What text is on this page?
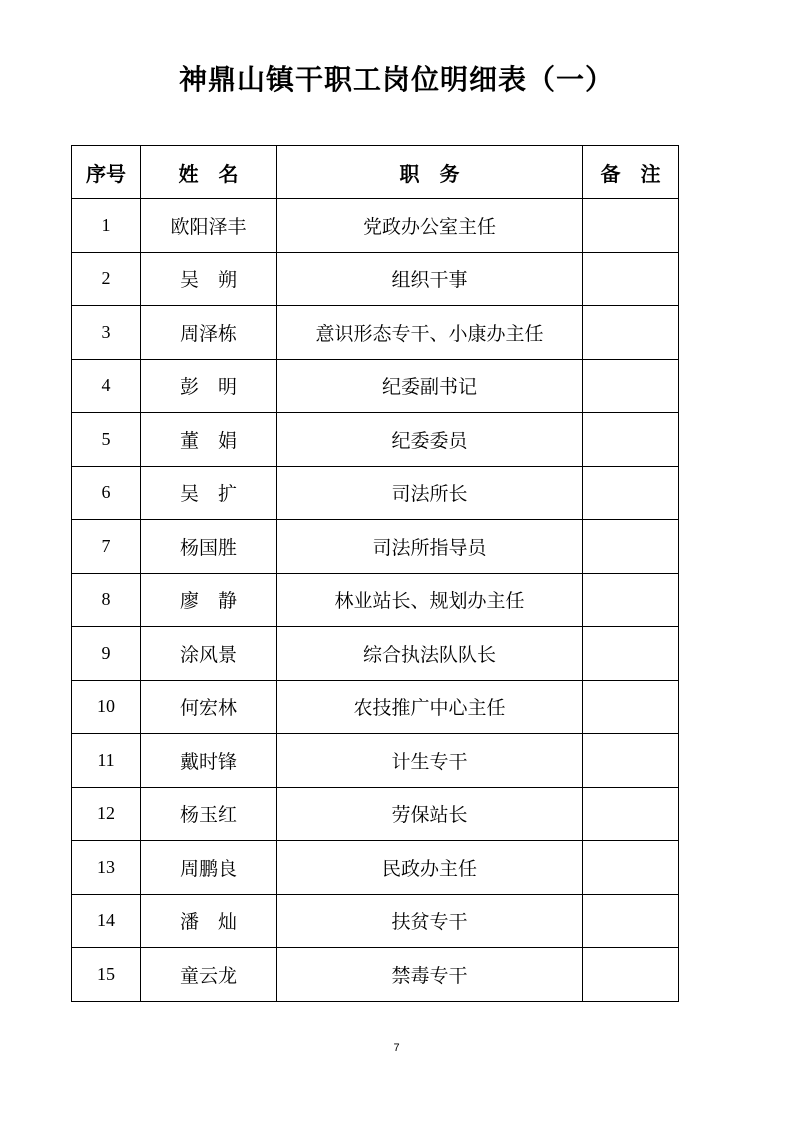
神鼎山镇干职工岗位明细表（一）
序号	姓　名	职　务	备　注
1	欧阳泽丰	党政办公室主任	
2	吴　朔	组织干事	
3	周泽栋	意识形态专干、小康办主任	
4	彭　明	纪委副书记	
5	董　娟	纪委委员	
6	吴　扩	司法所长	
7	杨国胜	司法所指导员	
8	廖　静	林业站长、规划办主任	
9	涂风景	综合执法队队长	
10	何宏林	农技推广中心主任	
11	戴时锋	计生专干	
12	杨玉红	劳保站长	
13	周鹏良	民政办主任	
14	潘　灿	扶贫专干	
15	童云龙	禁毒专干	
7
